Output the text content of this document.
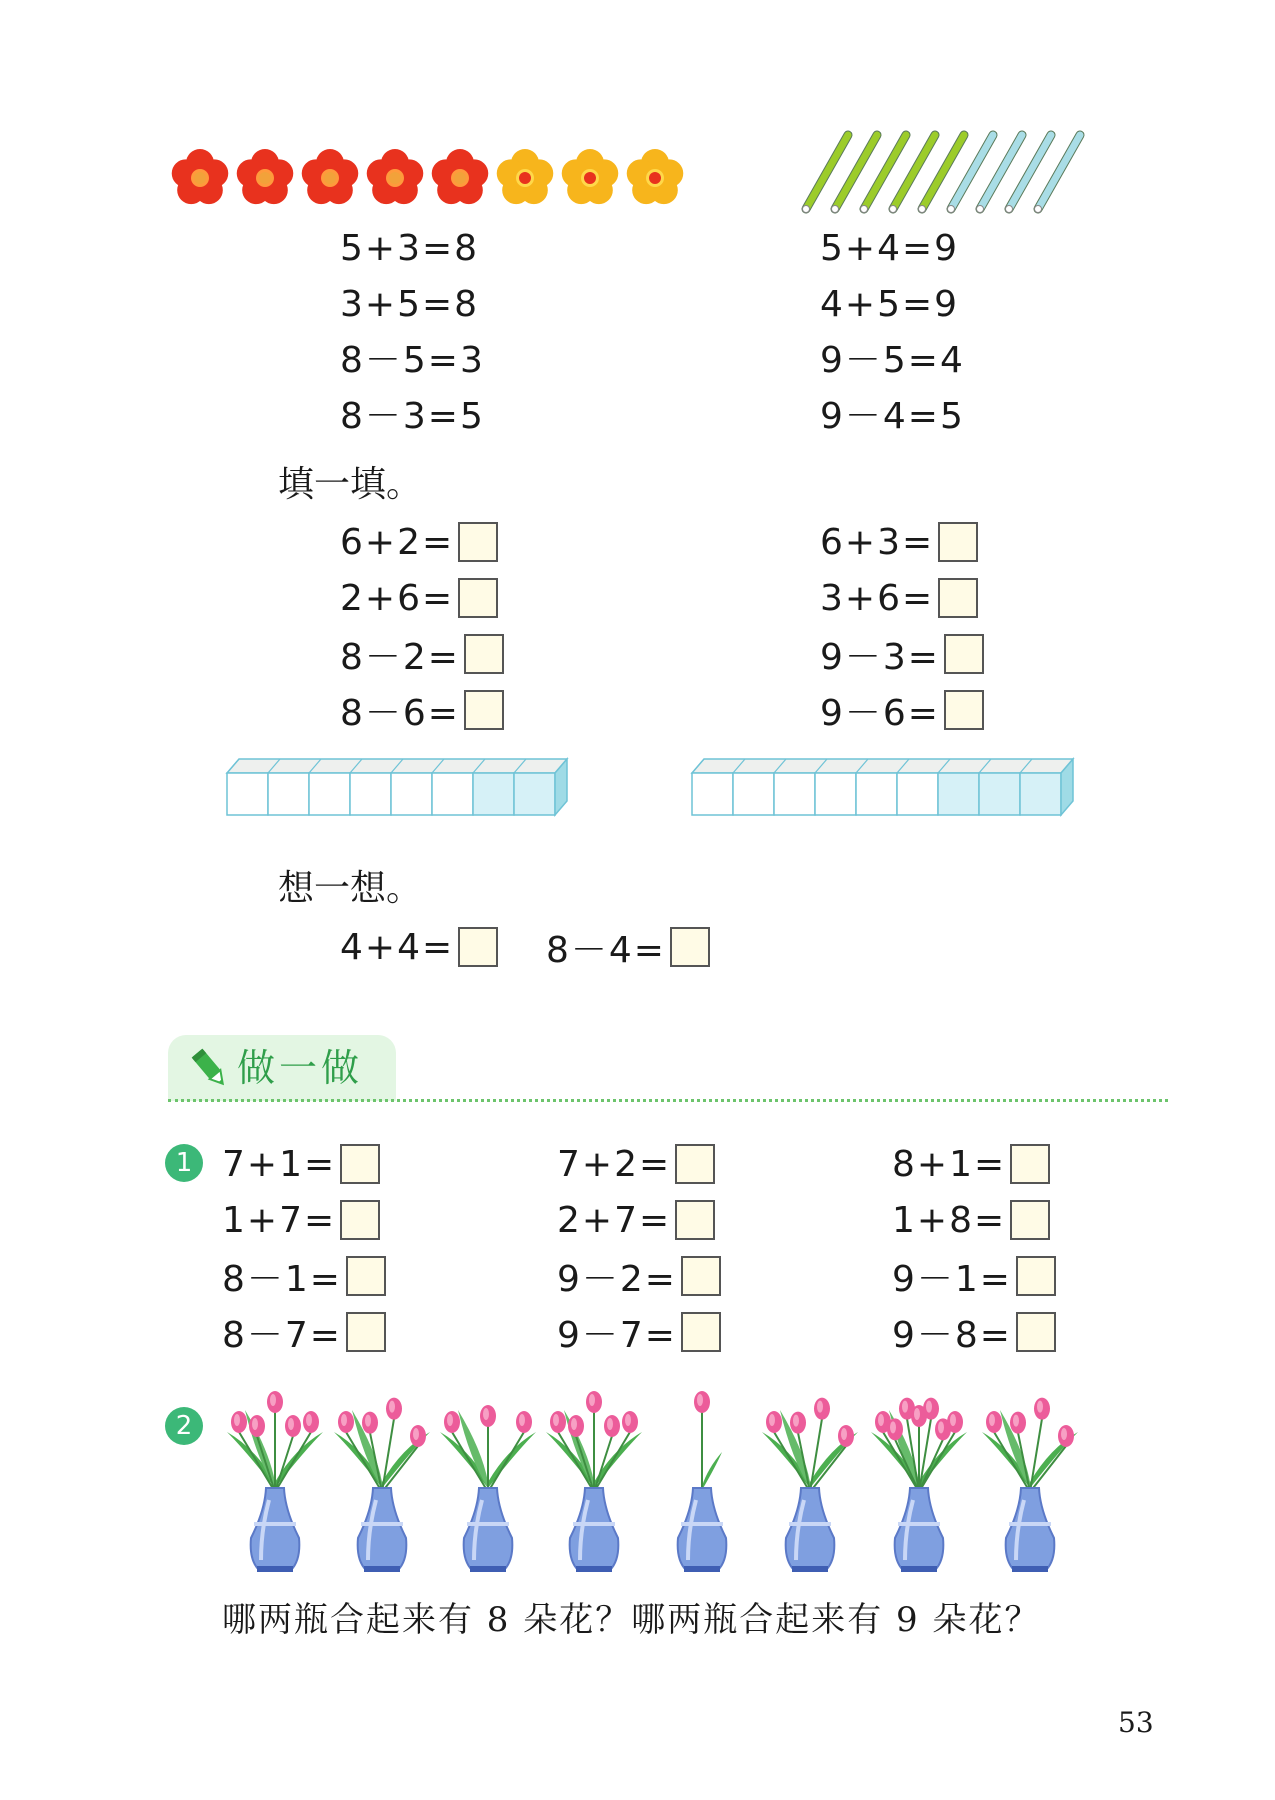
5+3=8
3+5=8
8－5=3
8－3=5
5+4=9
4+5=9
9－5=4
9－4=5
填一填。
6+2=
2+6=
8－2=
8－6=
6+3=
3+6=
9－3=
9－6=
想一想。
4+4=	8－4=
做一做
1 7+1=
1+7=
8－1=
8－7=
7+2=
2+7=
9－2=
9－7=
8+1=
1+8=
9－1=
9－8=
2
哪两瓶合起来有 8 朵花？哪两瓶合起来有 9 朵花？
53
